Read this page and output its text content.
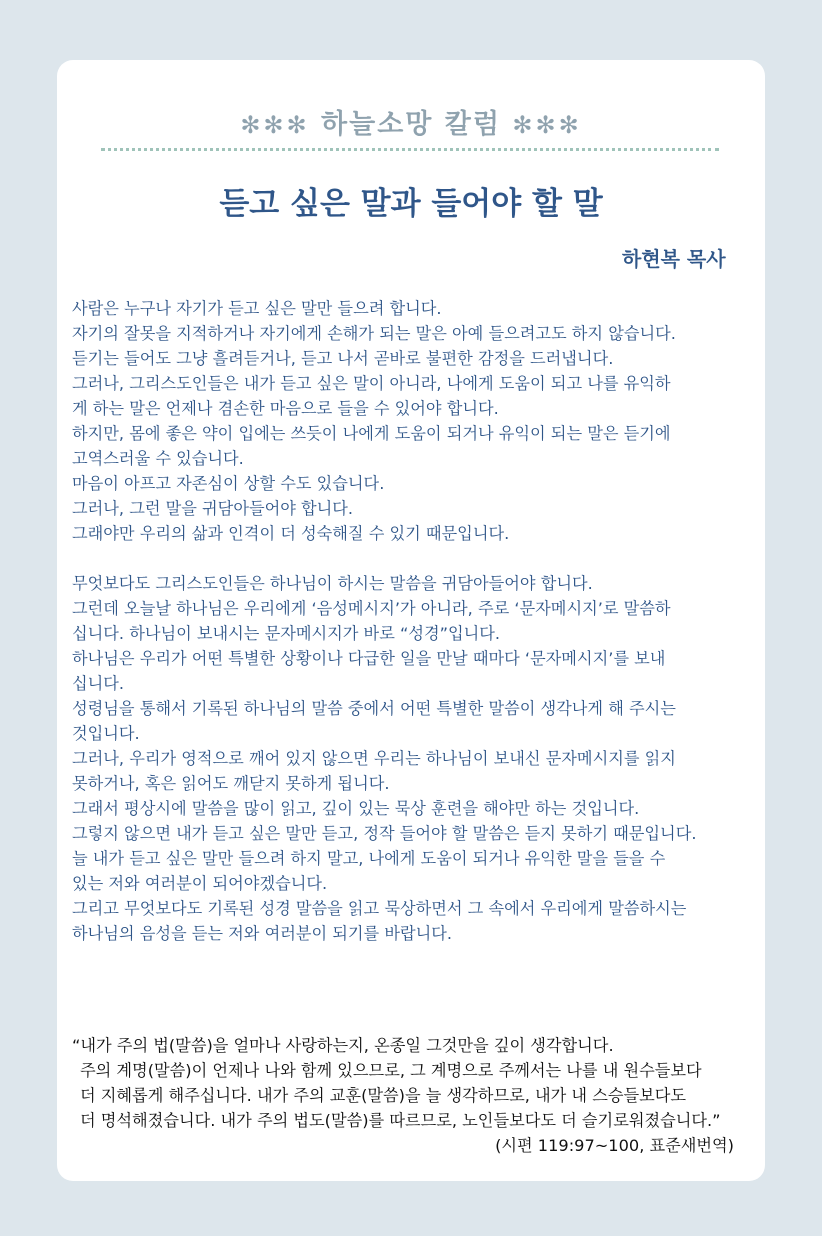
✻✻✻ 하늘소망 칼럼 ✻✻✻
듣고 싶은 말과 들어야 할 말
하현복 목사
사람은 누구나 자기가 듣고 싶은 말만 들으려 합니다.
자기의 잘못을 지적하거나 자기에게 손해가 되는 말은 아예 들으려고도 하지 않습니다.
듣기는 들어도 그냥 흘려듣거나, 듣고 나서 곧바로 불편한 감정을 드러냅니다.
그러나, 그리스도인들은 내가 듣고 싶은 말이 아니라, 나에게 도움이 되고 나를 유익하
게 하는 말은 언제나 겸손한 마음으로 들을 수 있어야 합니다.
하지만, 몸에 좋은 약이 입에는 쓰듯이 나에게 도움이 되거나 유익이 되는 말은 듣기에
고역스러울 수 있습니다.
마음이 아프고 자존심이 상할 수도 있습니다.
그러나, 그런 말을 귀담아들어야 합니다.
그래야만 우리의 삶과 인격이 더 성숙해질 수 있기 때문입니다.
무엇보다도 그리스도인들은 하나님이 하시는 말씀을 귀담아들어야 합니다.
그런데 오늘날 하나님은 우리에게 ‘음성메시지’가 아니라, 주로 ‘문자메시지’로 말씀하
십니다. 하나님이 보내시는 문자메시지가 바로 “성경”입니다.
하나님은 우리가 어떤 특별한 상황이나 다급한 일을 만날 때마다 ‘문자메시지’를 보내
십니다.
성령님을 통해서 기록된 하나님의 말씀 중에서 어떤 특별한 말씀이 생각나게 해 주시는
것입니다.
그러나, 우리가 영적으로 깨어 있지 않으면 우리는 하나님이 보내신 문자메시지를 읽지
못하거나, 혹은 읽어도 깨닫지 못하게 됩니다.
그래서 평상시에 말씀을 많이 읽고, 깊이 있는 묵상 훈련을 해야만 하는 것입니다.
그렇지 않으면 내가 듣고 싶은 말만 듣고, 정작 들어야 할 말씀은 듣지 못하기 때문입니다.
늘 내가 듣고 싶은 말만 들으려 하지 말고, 나에게 도움이 되거나 유익한 말을 들을 수
있는 저와 여러분이 되어야겠습니다.
그리고 무엇보다도 기록된 성경 말씀을 읽고 묵상하면서 그 속에서 우리에게 말씀하시는
하나님의 음성을 듣는 저와 여러분이 되기를 바랍니다.
“내가 주의 법(말씀)을 얼마나 사랑하는지, 온종일 그것만을 깊이 생각합니다.
주의 계명(말씀)이 언제나 나와 함께 있으므로, 그 계명으로 주께서는 나를 내 원수들보다
더 지혜롭게 해주십니다. 내가 주의 교훈(말씀)을 늘 생각하므로, 내가 내 스승들보다도
더 명석해졌습니다. 내가 주의 법도(말씀)를 따르므로, 노인들보다도 더 슬기로워졌습니다.”
(시편 119:97~100, 표준새번역)
